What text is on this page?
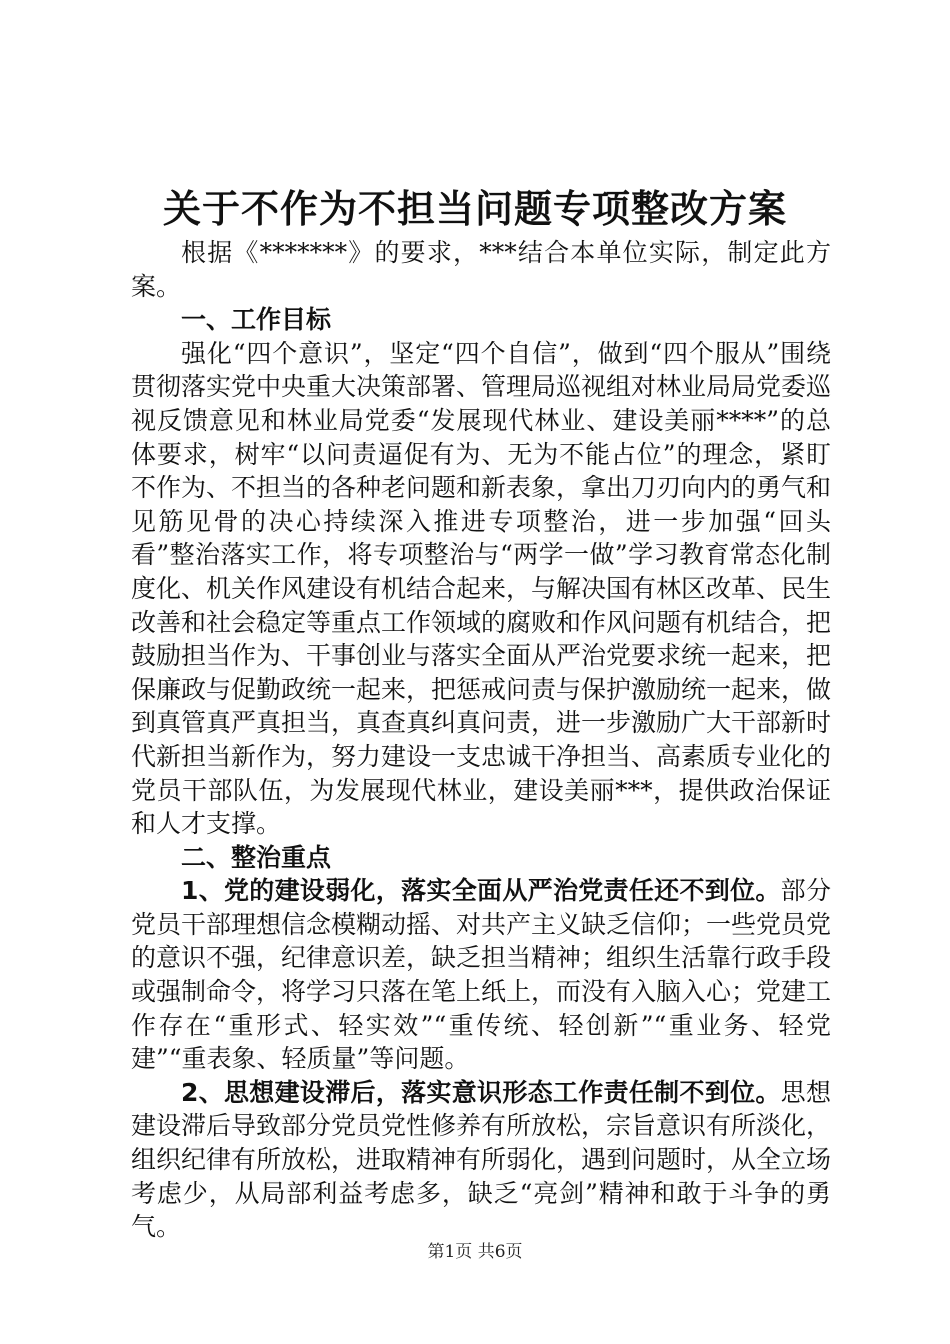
关于不作为不担当问题专项整改方案

根据《*******》的要求，***结合本单位实际，制定此方案。

一、工作目标

强化“四个意识”，坚定“四个自信”，做到“四个服从”围绕贯彻落实党中央重大决策部署、管理局巡视组对林业局局党委巡视反馈意见和林业局党委“发展现代林业、建设美丽****”的总体要求，树牢“以问责逼促有为、无为不能占位”的理念，紧盯不作为、不担当的各种老问题和新表象，拿出刀刃向内的勇气和见筋见骨的决心持续深入推进专项整治，进一步加强“回头看”整治落实工作，将专项整治与“两学一做”学习教育常态化制度化、机关作风建设有机结合起来，与解决国有林区改革、民生改善和社会稳定等重点工作领域的腐败和作风问题有机结合，把鼓励担当作为、干事创业与落实全面从严治党要求统一起来，把保廉政与促勤政统一起来，把惩戒问责与保护激励统一起来，做到真管真严真担当，真查真纠真问责，进一步激励广大干部新时代新担当新作为，努力建设一支忠诚干净担当、高素质专业化的党员干部队伍，为发展现代林业，建设美丽***，提供政治保证和人才支撑。

二、整治重点

1、党的建设弱化，落实全面从严治党责任还不到位。部分党员干部理想信念模糊动摇、对共产主义缺乏信仰；一些党员党的意识不强，纪律意识差，缺乏担当精神；组织生活靠行政手段或强制命令，将学习只落在笔上纸上，而没有入脑入心；党建工作存在“重形式、轻实效”“重传统、轻创新”“重业务、轻党建”“重表象、轻质量”等问题。

2、思想建设滞后，落实意识形态工作责任制不到位。思想建设滞后导致部分党员党性修养有所放松，宗旨意识有所淡化，组织纪律有所放松，进取精神有所弱化，遇到问题时，从全立场考虑少，从局部利益考虑多，缺乏“亮剑”精神和敢于斗争的勇气。

第1页 共6页
